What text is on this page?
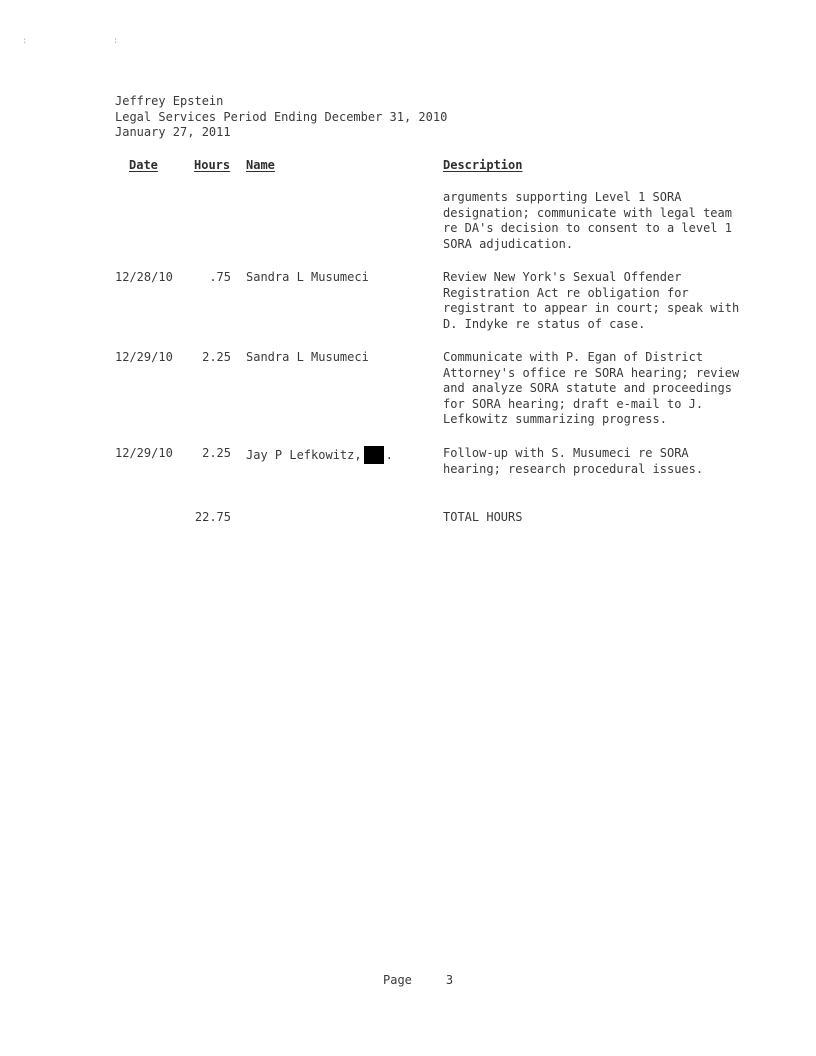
: :
Jeffrey Epstein
Legal Services Period Ending December 31, 2010
January 27, 2011
Date	Hours Name	Description
arguments supporting Level 1 SORA
designation; communicate with legal team
re DA's decision to consent to a level 1
SORA adjudication.
12/28/10	.75 Sandra L Musumeci	Review New York's Sexual Offender
Registration Act re obligation for
registrant to appear in court; speak with
D. Indyke re status of case.
12/29/10	2.25 Sandra L Musumeci	Communicate with P. Egan of District
Attorney's office re SORA hearing; review
and analyze SORA statute and proceedings
for SORA hearing; draft e-mail to J.
Lefkowitz summarizing progress.
12/29/10	2.25 Jay P Lefkowitz, .	Follow-up with S. Musumeci re SORA
hearing; research procedural issues.
22.75	TOTAL HOURS
Page	3
